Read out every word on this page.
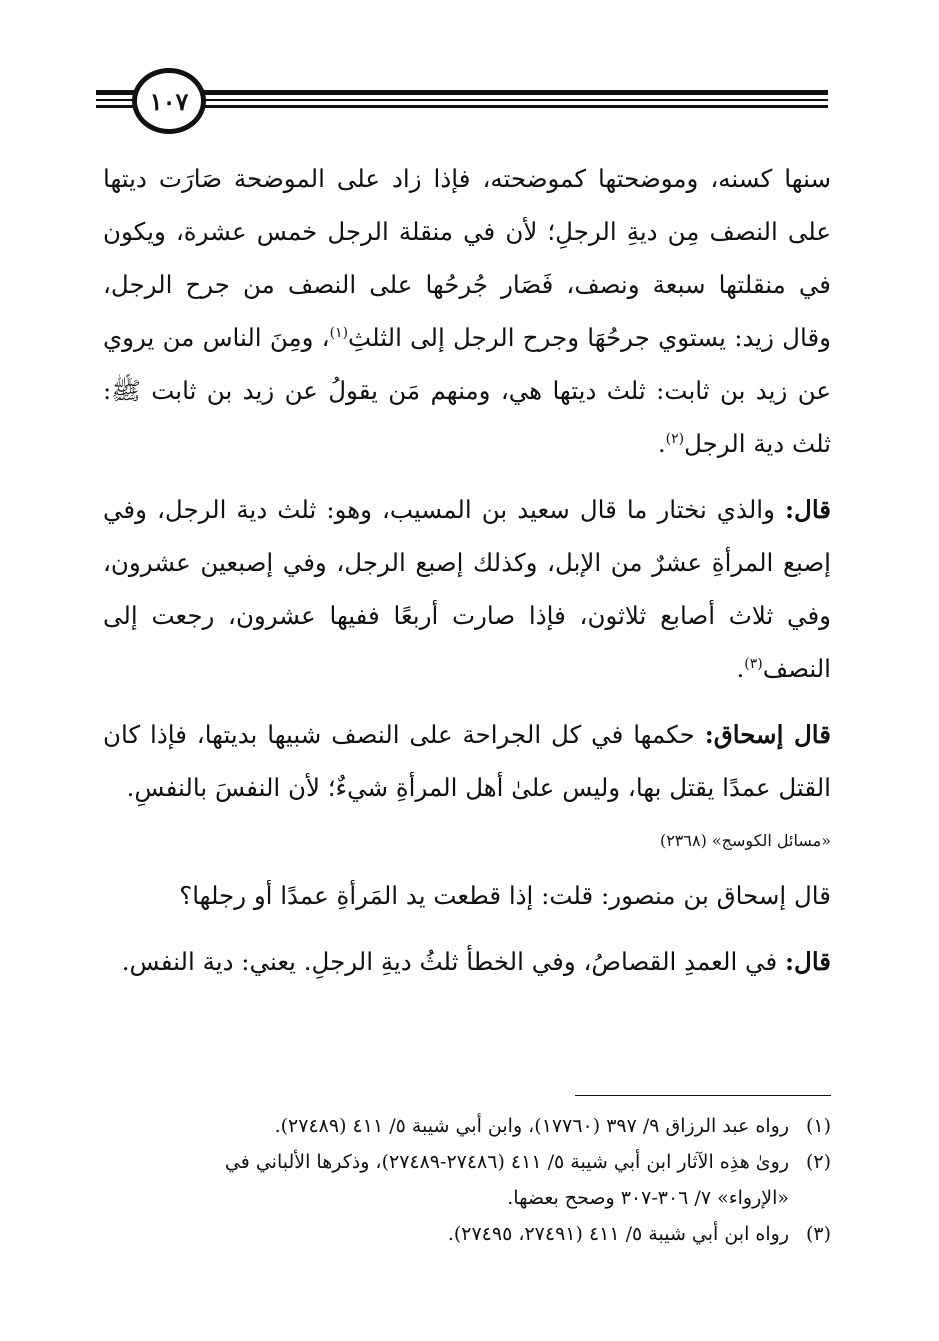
١٠٧

سنها كسنه، وموضحتها كموضحته، فإذا زاد على الموضحة صَارَت ديتها على النصف مِن ديةِ الرجلِ؛ لأن في منقلة الرجل خمس عشرة، ويكون في منقلتها سبعة ونصف، فَصَار جُرحُها على النصف من جرح الرجل، وقال زيد: يستوي جرحُهَا وجرح الرجل إلى الثلثِ$^{(١)}$، ومِنَ الناس من يروي عن زيد بن ثابت: ثلث ديتها هي، ومنهم مَن يقولُ عن زيد بن ثابت ﷺ: ثلث دية الرجل$^{(٢)}$.

قال: والذي نختار ما قال سعيد بن المسيب، وهو: ثلث دية الرجل، وفي إصبع المرأةِ عشرٌ من الإبل، وكذلك إصبع الرجل، وفي إصبعين عشرون، وفي ثلاث أصابع ثلاثون، فإذا صارت أربعًا ففيها عشرون، رجعت إلى النصف$^{(٣)}$.

قال إسحاق: حكمها في كل الجراحة على النصف شبيها بديتها، فإذا كان القتل عمدًا يقتل بها، وليس علىٰ أهل المرأةِ شيءٌ؛ لأن النفسَ بالنفسِ.

«مسائل الكوسج» (٢٣٦٨)

قال إسحاق بن منصور: قلت: إذا قطعت يد المَرأةِ عمدًا أو رجلها؟

قال: في العمدِ القصاصُ، وفي الخطأ ثلثُ ديةِ الرجلِ. يعني: دية النفس.

(١)رواه عبد الرزاق ٩/ ٣٩٧ (١٧٧٦٠)، وابن أبي شيبة ٥/ ٤١١ (٢٧٤٨٩).

(٢)روىٰ هذِه الآثار ابن أبي شيبة ٥/ ٤١١ (٢٧٤٨٦-٢٧٤٨٩)، وذكرها الألباني في

«الإرواء» ٧/ ٣٠٦-٣٠٧ وصحح بعضها.

(٣)رواه ابن أبي شيبة ٥/ ٤١١ (٢٧٤٩١، ٢٧٤٩٥).
